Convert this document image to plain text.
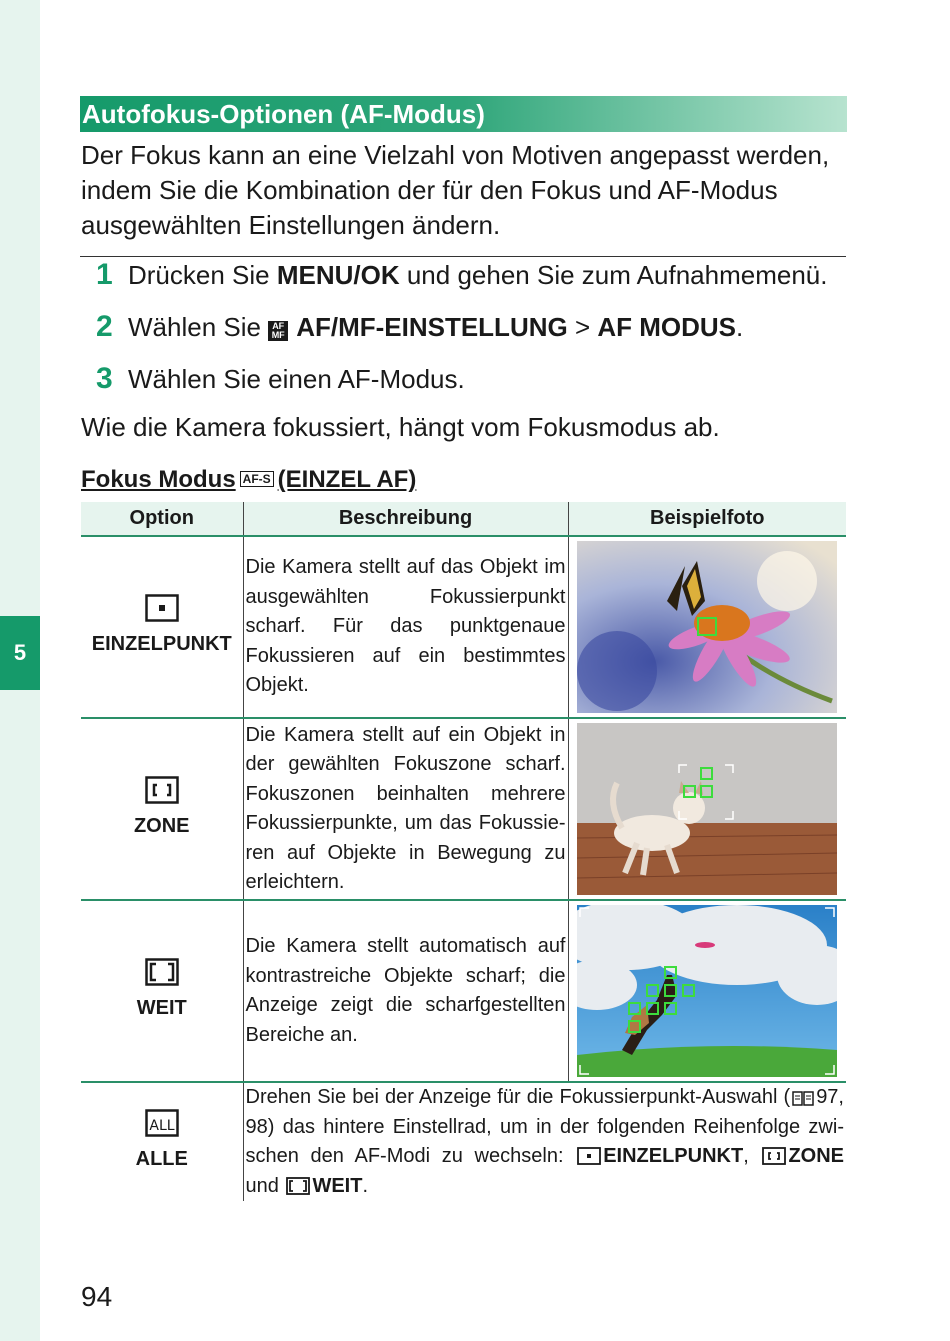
5
Autofokus-Optionen (AF-Modus)
Der Fokus kann an eine Vielzahl von Motiven angepasst werden, indem Sie die Kombination der für den Fokus und AF-Modus ausgewählten Einstellungen ändern.
1 Drücken Sie MENU/OK und gehen Sie zum Aufnahmemenü.
2 Wählen Sie AF MF AF/MF-EINSTELLUNG > AF MODUS.
3 Wählen Sie einen AF-Modus.
Wie die Kamera fokussiert, hängt vom Fokusmodus ab.
Fokus Modus AF-S (EINZEL AF)
Option	Beschreibung	Beispielfoto

EINZELPUNKT	Die Kamera stellt auf das Objekt im ausgewählten Fokussierpunkt scharf. Für das punktgenaue Fokussieren auf ein bestimmtes Objekt.	

ZONE	Die Kamera stellt auf ein Objekt in der gewählten Fokuszone scharf. Fokuszonen beinhalten mehrere Fokussierpunkte, um das Fokussieren auf Objekte in Bewegung zu erleichtern.	

WEIT	Die Kamera stellt automatisch auf kontrastreiche Objekte scharf; die Anzeige zeigt die scharfgestellten Bereiche an.	

ALL
ALLE	Drehen Sie bei der Anzeige für die Fokussierpunkt-Auswahl ( 97, 98) das hintere Einstellrad, um in der folgenden Reihenfolge zwischen den AF-Modi zu wechseln: EINZELPUNKT, ZONE und WEIT.	
94
